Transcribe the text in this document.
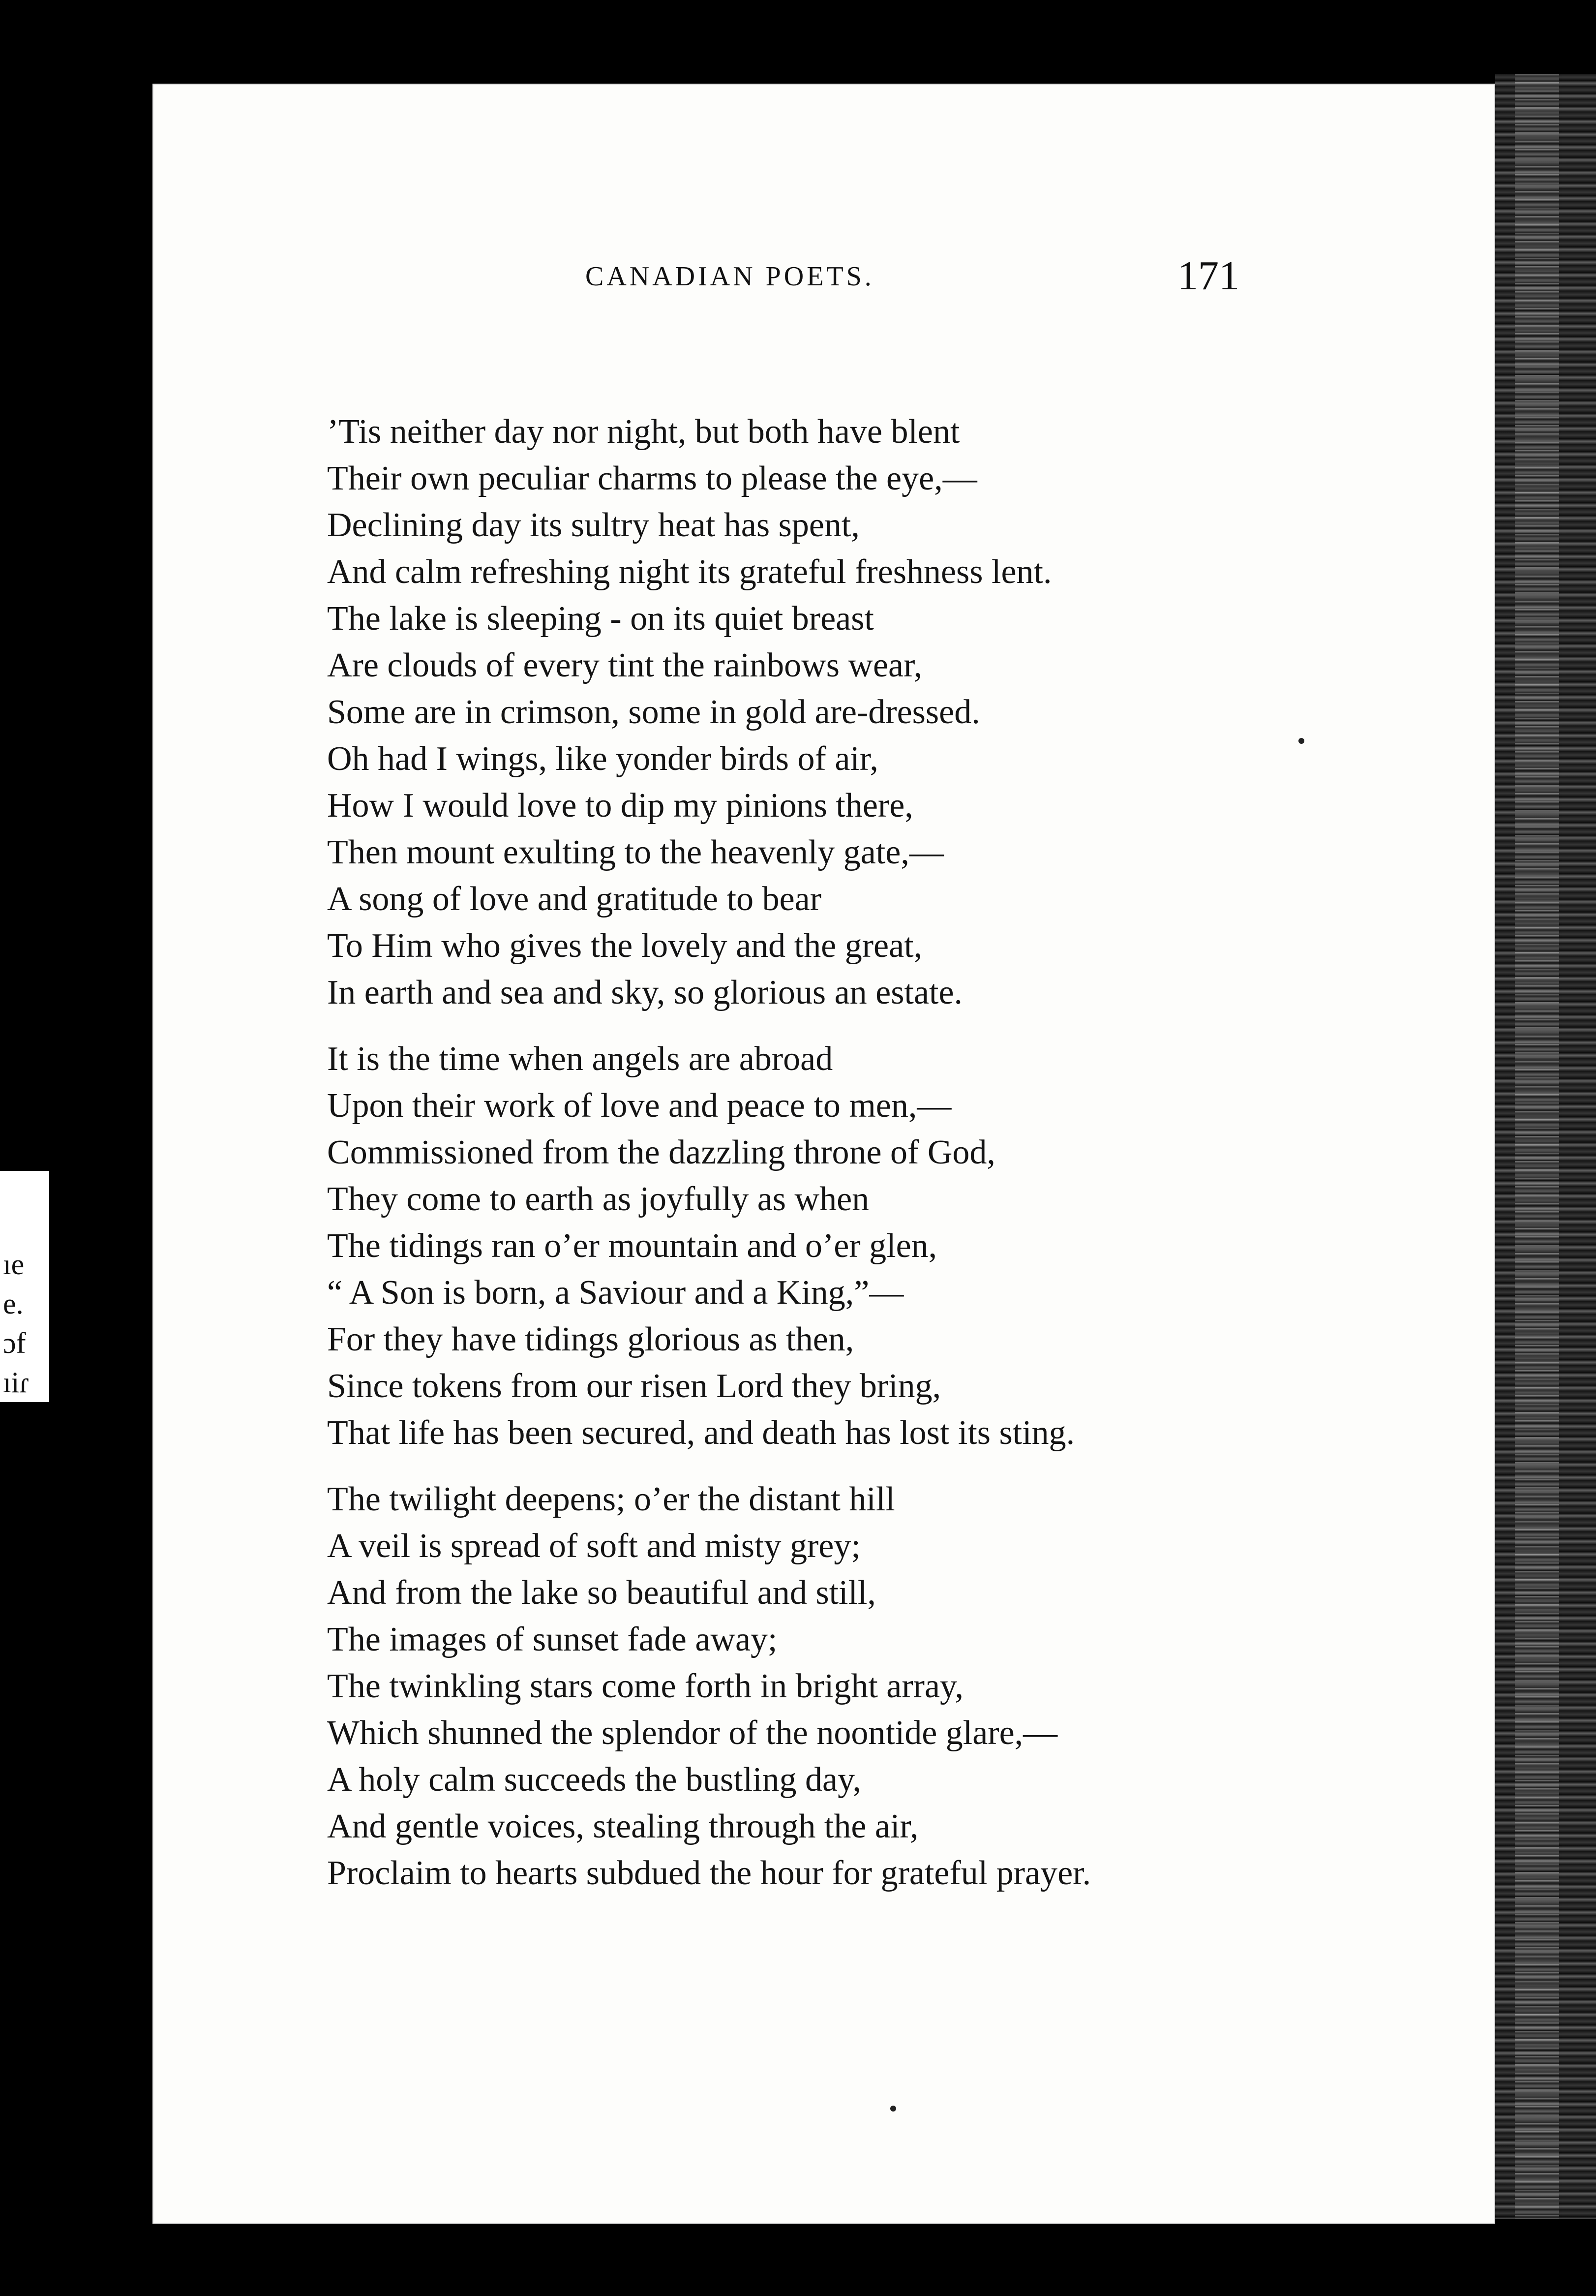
ıe
e.
ɔf
ıiɾ
CANADIAN POETS.	171

’Tis neither day nor night, but both have blent
Their own peculiar charms to please the eye,—
Declining day its sultry heat has spent,
And calm refreshing night its grateful freshness lent.
The lake is sleeping - on its quiet breast
Are clouds of every tint the rainbows wear,
Some are in crimson, some in gold are-dressed.
Oh had I wings, like yonder birds of air,
How I would love to dip my pinions there,
Then mount exulting to the heavenly gate,—
A song of love and gratitude to bear
To Him who gives the lovely and the great,
In earth and sea and sky, so glorious an estate.

It is the time when angels are abroad
Upon their work of love and peace to men,—
Commissioned from the dazzling throne of God,
They come to earth as joyfully as when
The tidings ran o’er mountain and o’er glen,
“ A Son is born, a Saviour and a King,”—
For they have tidings glorious as then,
Since tokens from our risen Lord they bring,
That life has been secured, and death has lost its sting.

The twilight deepens; o’er the distant hill
A veil is spread of soft and misty grey;
And from the lake so beautiful and still,
The images of sunset fade away;
The twinkling stars come forth in bright array,
Which shunned the splendor of the noontide glare,—
A holy calm succeeds the bustling day,
And gentle voices, stealing through the air,
Proclaim to hearts subdued the hour for grateful prayer.
